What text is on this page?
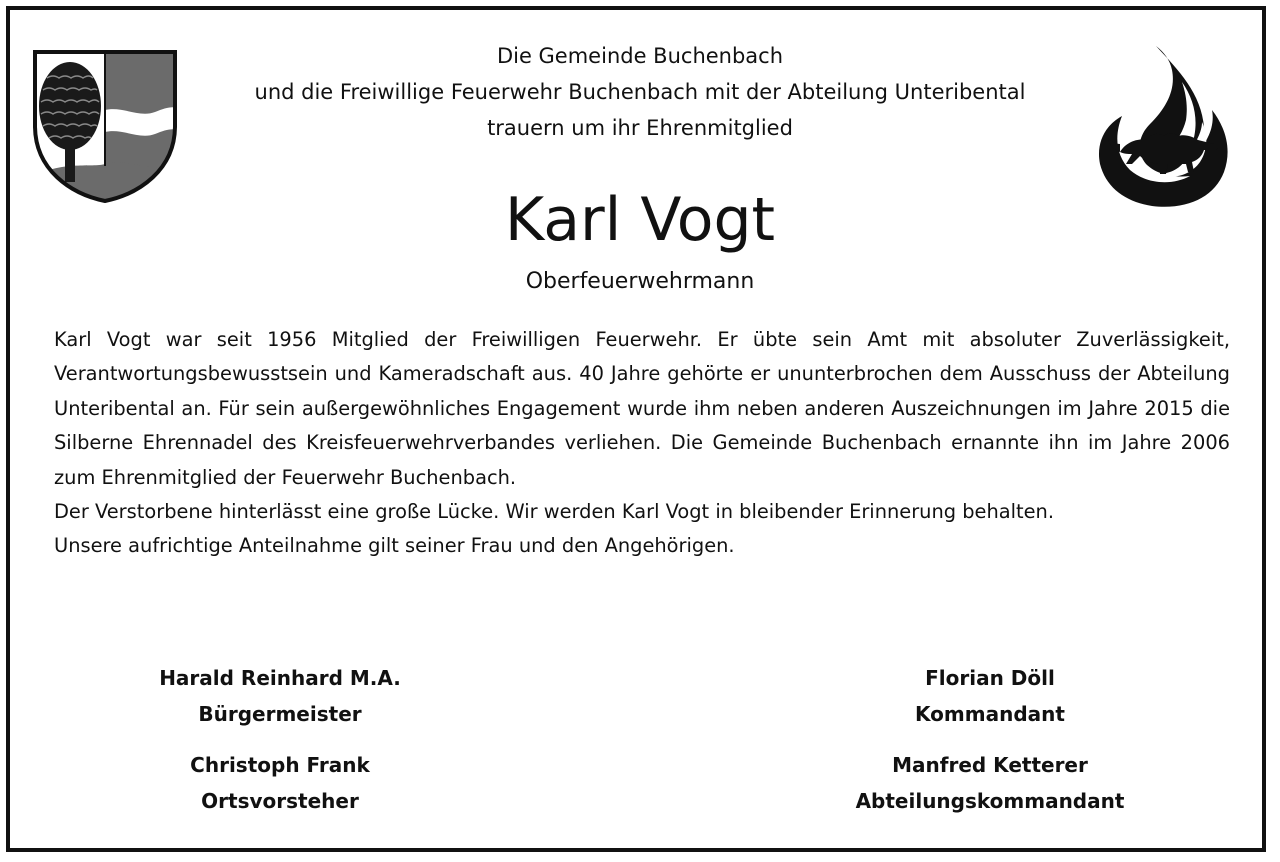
Die Gemeinde Buchenbach
und die Freiwillige Feuerwehr Buchenbach mit der Abteilung Unteribental
trauern um ihr Ehrenmitglied
Karl Vogt
Oberfeuerwehrmann

Karl Vogt war seit 1956 Mitglied der Freiwilligen Feuerwehr. Er übte sein Amt mit absoluter Zuverlässigkeit, Verantwortungsbewusstsein und Kameradschaft aus. 40 Jahre gehörte er ununterbrochen dem Ausschuss der Abteilung Unteribental an. Für sein außergewöhnliches Engagement wurde ihm neben anderen Auszeichnungen im Jahre 2015 die Silberne Ehrennadel des Kreisfeuerwehrverbandes verliehen. Die Gemeinde Buchenbach ernannte ihn im Jahre 2006 zum Ehrenmitglied der Feuerwehr Buchenbach.

Der Verstorbene hinterlässt eine große Lücke. Wir werden Karl Vogt in bleibender Erinnerung behalten.

Unsere aufrichtige Anteilnahme gilt seiner Frau und den Angehörigen.

Harald Reinhard M.A.
Bürgermeister
Florian Döll
Kommandant
Christoph Frank
Ortsvorsteher
Manfred Ketterer
Abteilungskommandant
